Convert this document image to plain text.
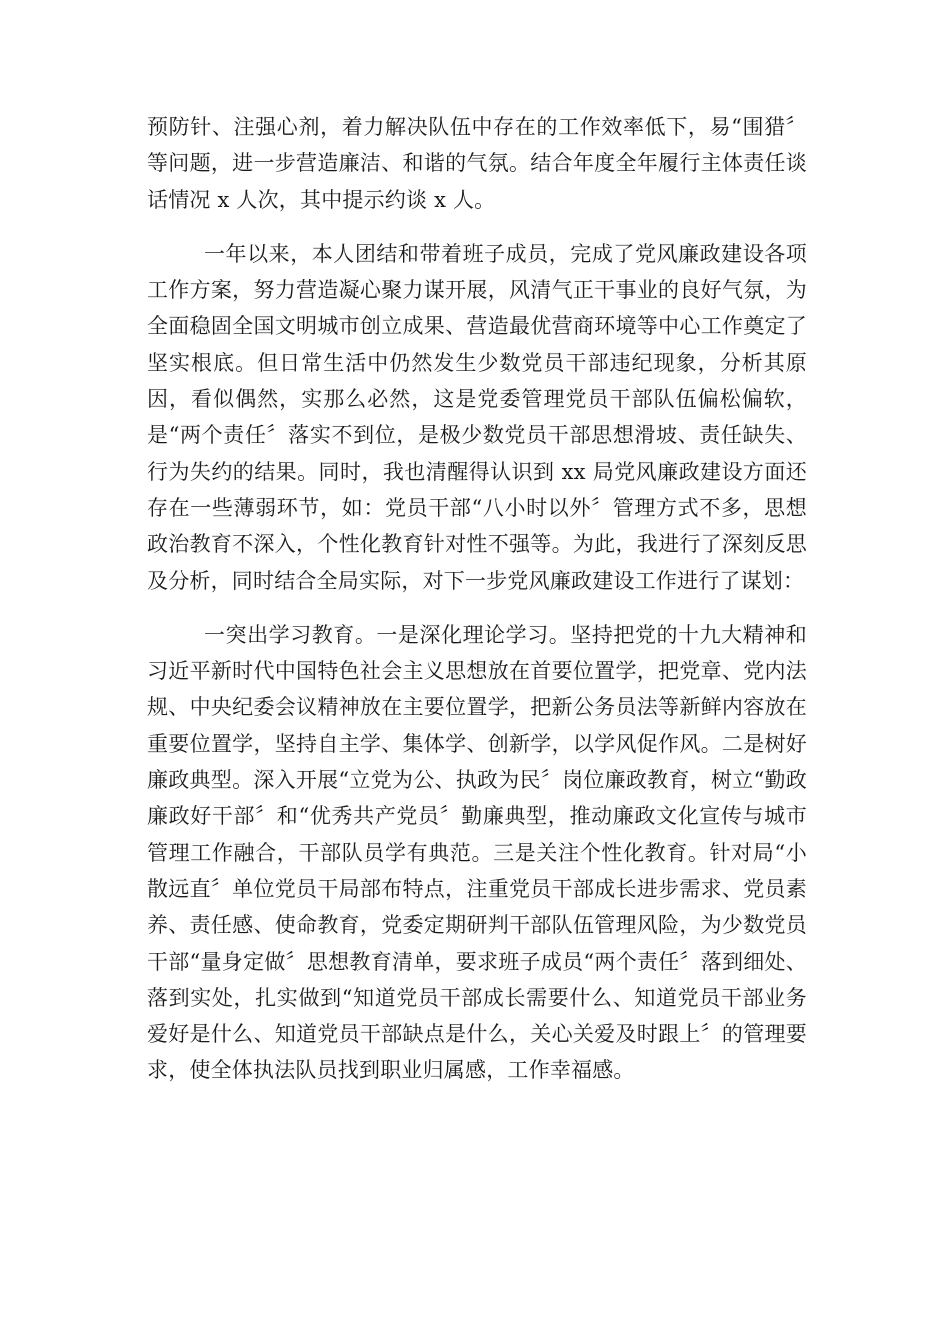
预防针、注强心剂，着力解决队伍中存在的工作效率低下，易“围猎〞等问题，进一步营造廉洁、和谐的气氛。结合年度全年履行主体责任谈话情况 x 人次，其中提示约谈 x 人。

一年以来，本人团结和带着班子成员，完成了党风廉政建设各项工作方案，努力营造凝心聚力谋开展，风清气正干事业的良好气氛，为全面稳固全国文明城市创立成果、营造最优营商环境等中心工作奠定了坚实根底。但日常生活中仍然发生少数党员干部违纪现象，分析其原因，看似偶然，实那么必然，这是党委管理党员干部队伍偏松偏软，是“两个责任〞落实不到位，是极少数党员干部思想滑坡、责任缺失、行为失约的结果。同时，我也清醒得认识到 xx 局党风廉政建设方面还存在一些薄弱环节，如：党员干部“八小时以外〞管理方式不多，思想政治教育不深入，个性化教育针对性不强等。为此，我进行了深刻反思及分析，同时结合全局实际，对下一步党风廉政建设工作进行了谋划：

一突出学习教育。一是深化理论学习。坚持把党的十九大精神和习近平新时代中国特色社会主义思想放在首要位置学，把党章、党内法规、中央纪委会议精神放在主要位置学，把新公务员法等新鲜内容放在重要位置学，坚持自主学、集体学、创新学，以学风促作风。二是树好廉政典型。深入开展“立党为公、执政为民〞岗位廉政教育，树立“勤政廉政好干部〞和“优秀共产党员〞勤廉典型，推动廉政文化宣传与城市管理工作融合，干部队员学有典范。三是关注个性化教育。针对局“小散远直〞单位党员干局部布特点，注重党员干部成长进步需求、党员素养、责任感、使命教育，党委定期研判干部队伍管理风险，为少数党员干部“量身定做〞思想教育清单，要求班子成员“两个责任〞落到细处、落到实处，扎实做到“知道党员干部成长需要什么、知道党员干部业务爱好是什么、知道党员干部缺点是什么，关心关爱及时跟上〞的管理要求，使全体执法队员找到职业归属感，工作幸福感。
